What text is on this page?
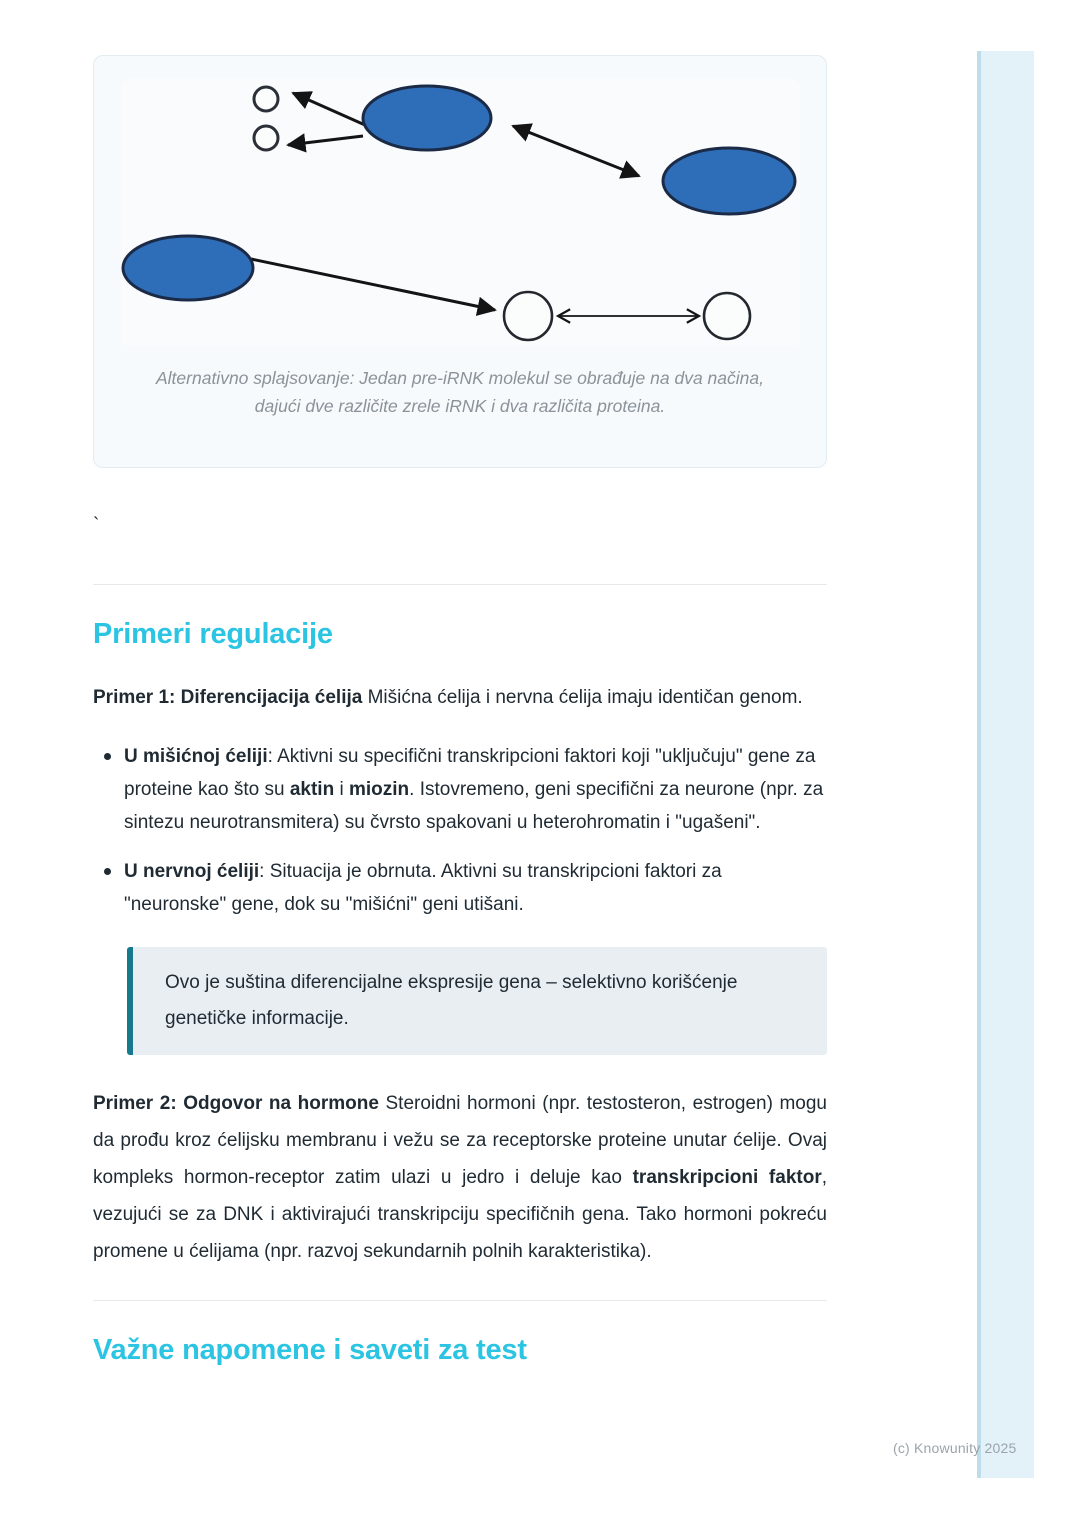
Alternativno splajsovanje: Jedan pre-iRNK molekul se obrađuje na dva načina, dajući dve različite zrele iRNK i dva različita proteina.
`
Primeri regulacije

Primer 1: Diferencijacija ćelija Mišićna ćelija i nervna ćelija imaju identičan genom.

U mišićnoj ćeliji: Aktivni su specifični transkripcioni faktori koji "uključuju" gene za proteine kao što su aktin i miozin. Istovremeno, geni specifični za neurone (npr. za sintezu neurotransmitera) su čvrsto spakovani u heterohromatin i "ugašeni".
U nervnoj ćeliji: Situacija je obrnuta. Aktivni su transkripcioni faktori za "neuronske" gene, dok su "mišićni" geni utišani.

Ovo je suština diferencijalne ekspresije gena – selektivno korišćenje genetičke informacije.

Primer 2: Odgovor na hormone Steroidni hormoni (npr. testosteron, estrogen) mogu da prođu kroz ćelijsku membranu i vežu se za receptorske proteine unutar ćelije. Ovaj kompleks hormon-receptor zatim ulazi u jedro i deluje kao transkripcioni faktor, vezujući se za DNK i aktivirajući transkripciju specifičnih gena. Tako hormoni pokreću promene u ćelijama (npr. razvoj sekundarnih polnih karakteristika).

Važne napomene i saveti za test
(c) Knowunity 2025
